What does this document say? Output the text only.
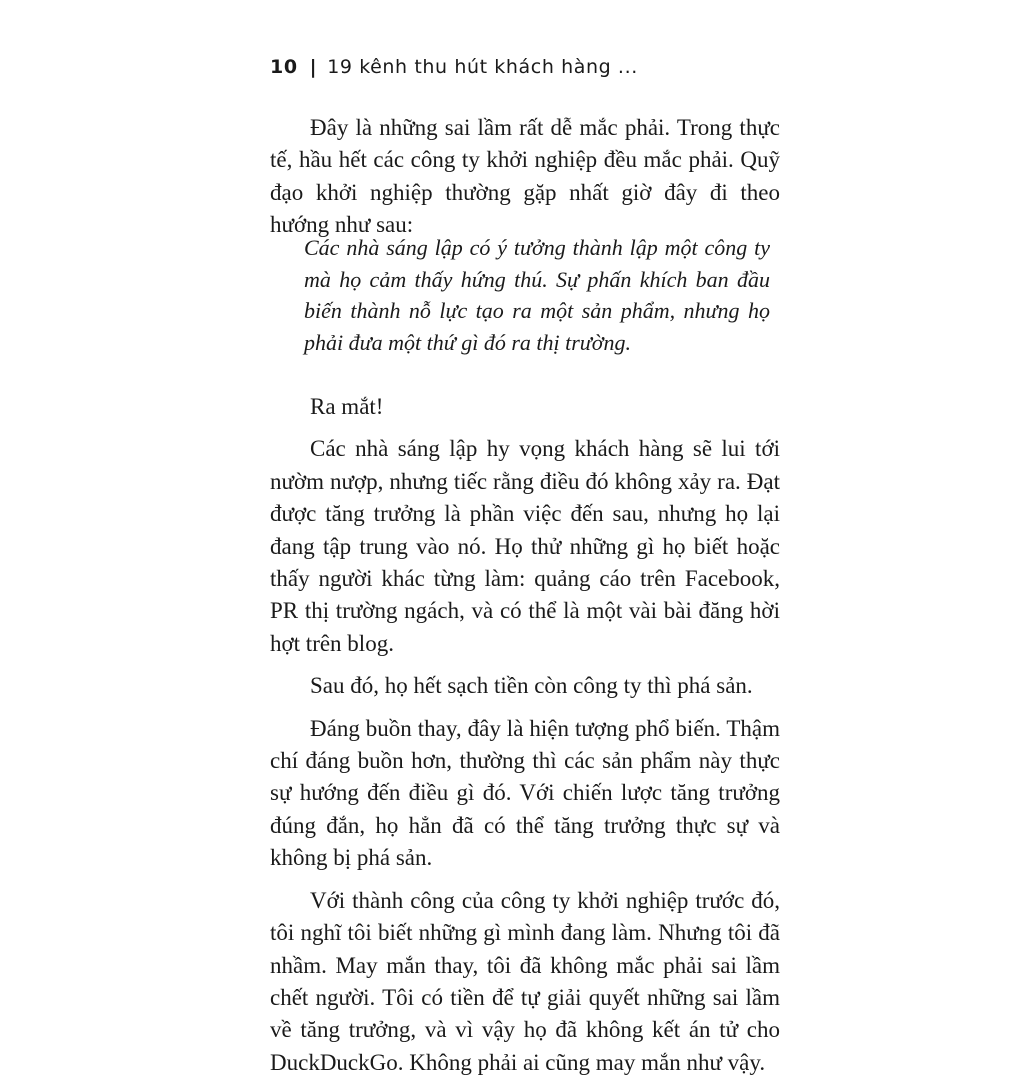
10 | 19 kênh thu hút khách hàng ...

Đây là những sai lầm rất dễ mắc phải. Trong thực tế, hầu hết các công ty khởi nghiệp đều mắc phải. Quỹ đạo khởi nghiệp thường gặp nhất giờ đây đi theo hướng như sau:

Các nhà sáng lập có ý tưởng thành lập một công ty mà họ cảm thấy hứng thú. Sự phấn khích ban đầu biến thành nỗ lực tạo ra một sản phẩm, nhưng họ phải đưa một thứ gì đó ra thị trường.

Ra mắt!

Các nhà sáng lập hy vọng khách hàng sẽ lui tới nườm nượp, nhưng tiếc rằng điều đó không xảy ra. Đạt được tăng trưởng là phần việc đến sau, nhưng họ lại đang tập trung vào nó. Họ thử những gì họ biết hoặc thấy người khác từng làm: quảng cáo trên Facebook, PR thị trường ngách, và có thể là một vài bài đăng hời hợt trên blog.

Sau đó, họ hết sạch tiền còn công ty thì phá sản.

Đáng buồn thay, đây là hiện tượng phổ biến. Thậm chí đáng buồn hơn, thường thì các sản phẩm này thực sự hướng đến điều gì đó. Với chiến lược tăng trưởng đúng đắn, họ hẳn đã có thể tăng trưởng thực sự và không bị phá sản.

Với thành công của công ty khởi nghiệp trước đó, tôi nghĩ tôi biết những gì mình đang làm. Nhưng tôi đã nhầm. May mắn thay, tôi đã không mắc phải sai lầm chết người. Tôi có tiền để tự giải quyết những sai lầm về tăng trưởng, và vì vậy họ đã không kết án tử cho DuckDuckGo. Không phải ai cũng may mắn như vậy.
